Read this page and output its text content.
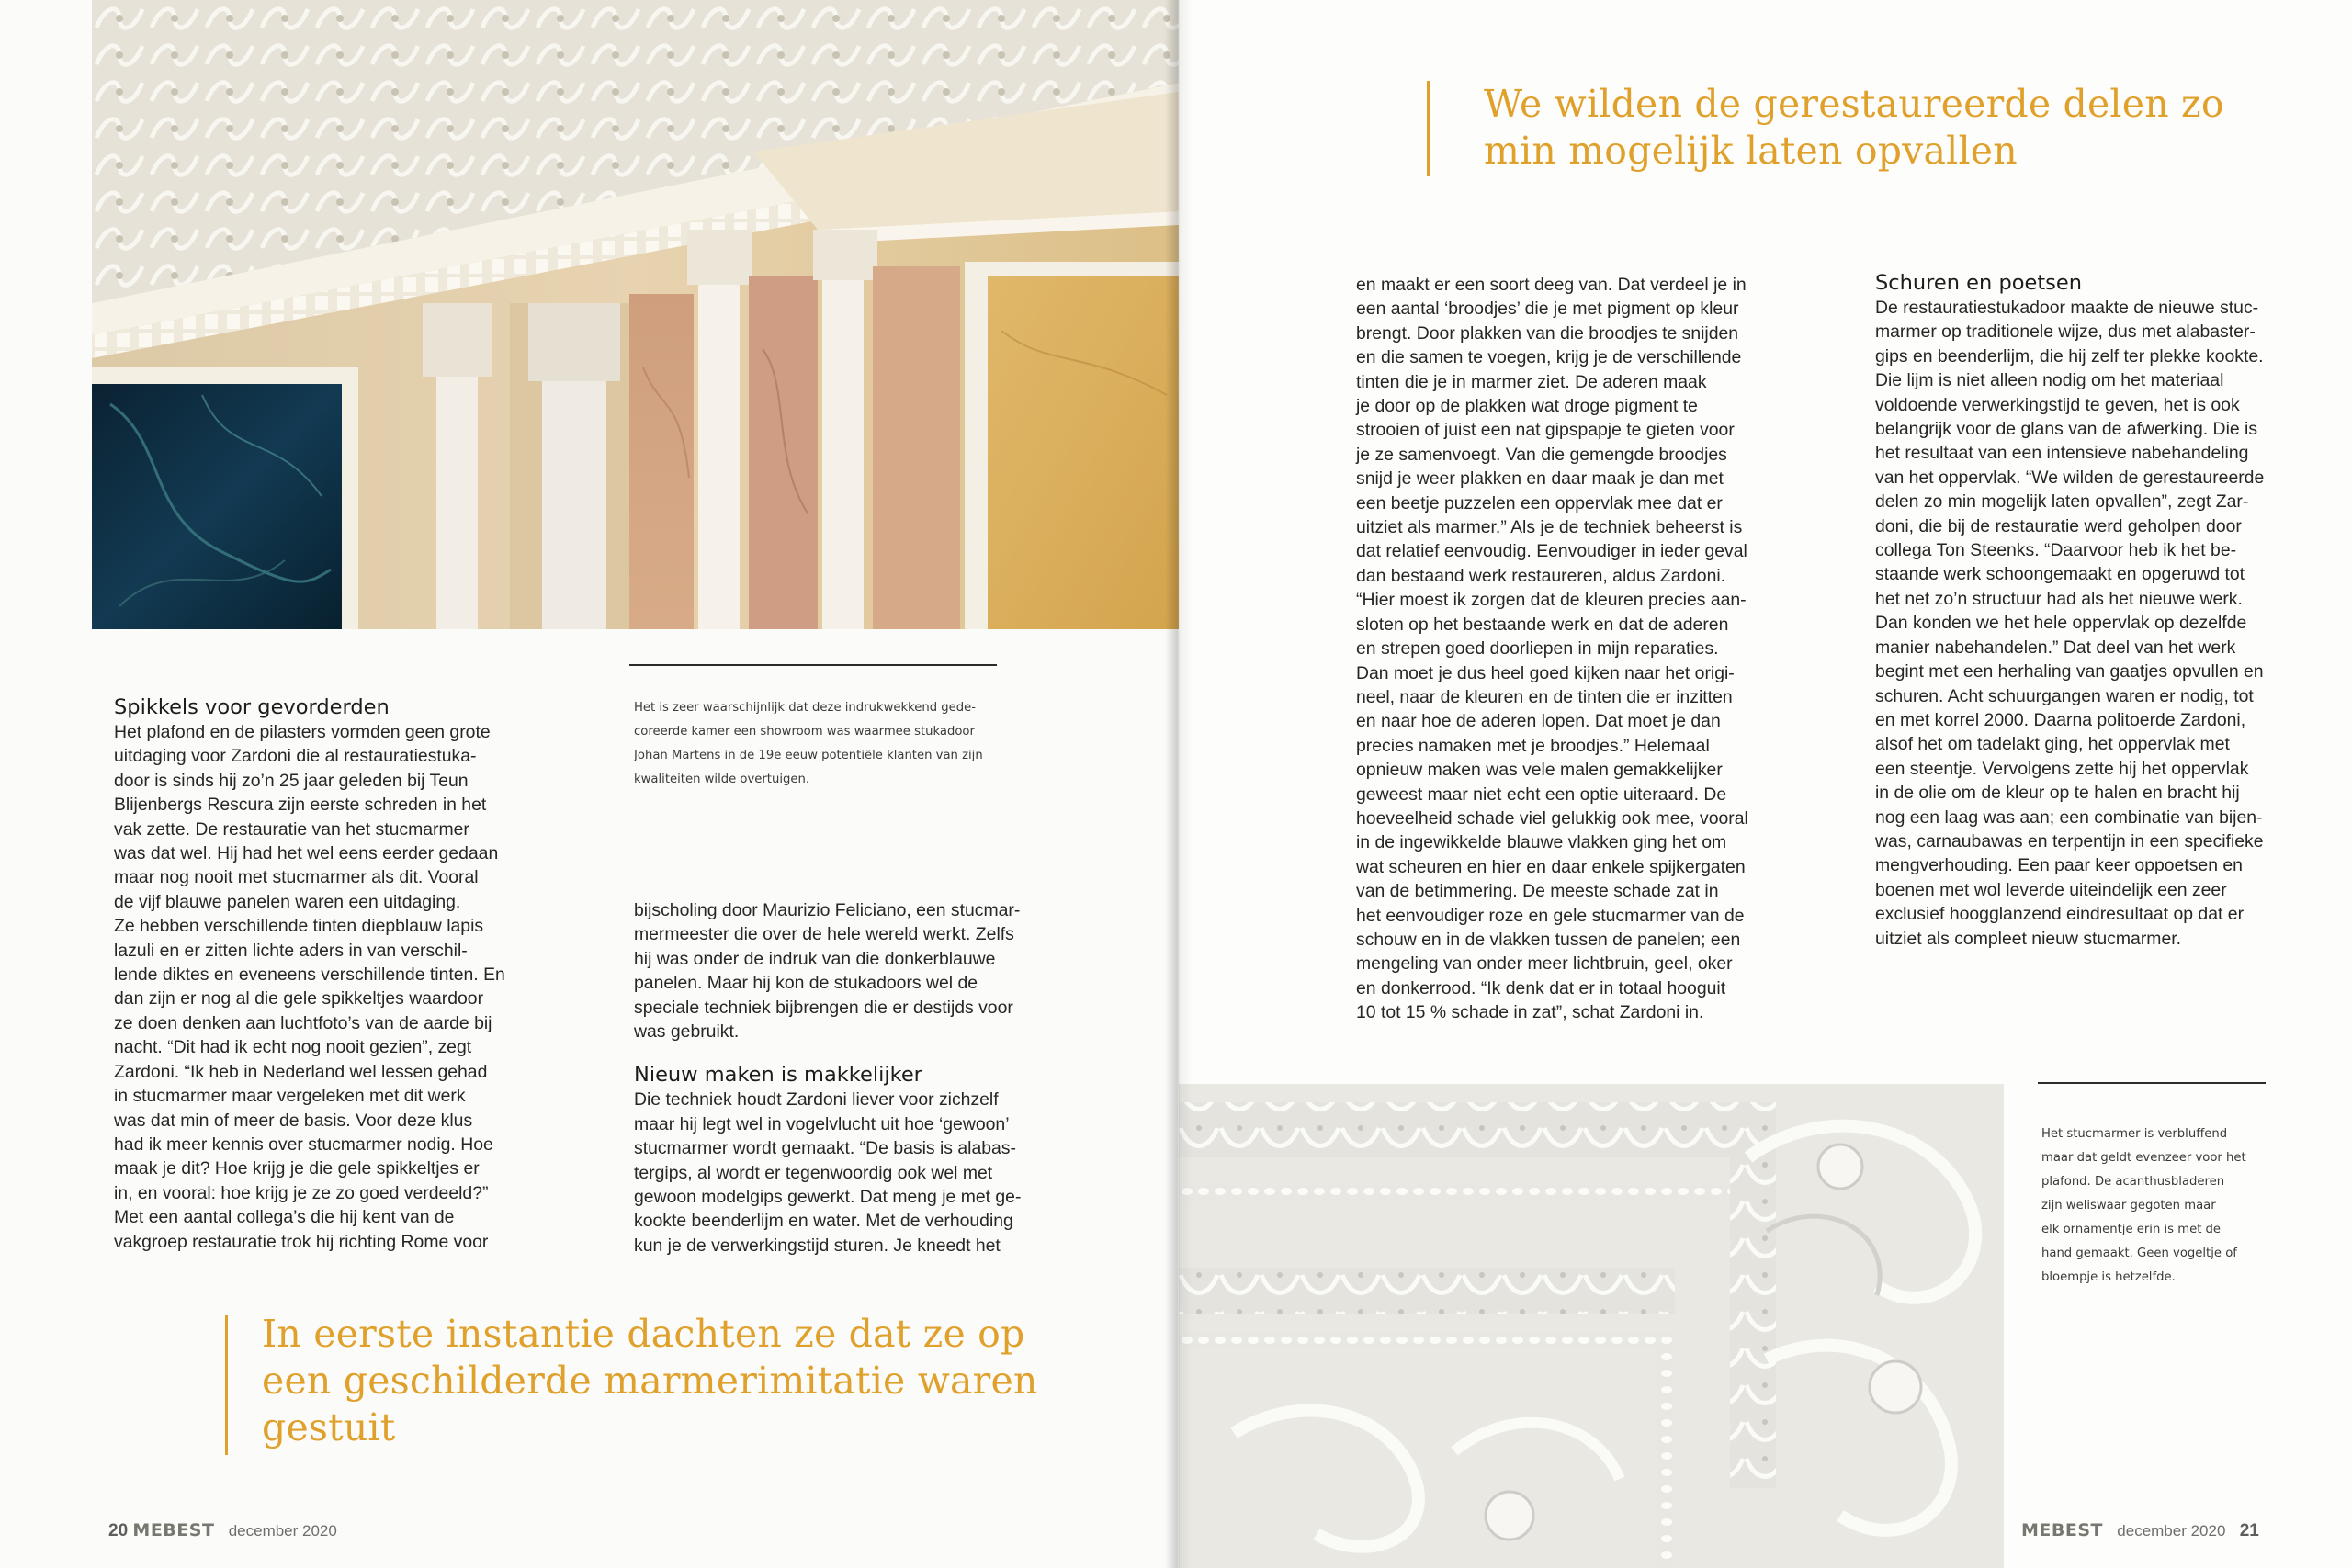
Spikkels voor gevorderden

Het plafond en de pilasters vormden geen grote
uitdaging voor Zardoni die al restauratiestuka-
door is sinds hij zo’n 25 jaar geleden bij Teun
Blijenbergs Rescura zijn eerste schreden in het
vak zette. De restauratie van het stucmarmer
was dat wel. Hij had het wel eens eerder gedaan
maar nog nooit met stucmarmer als dit. Vooral
de vijf blauwe panelen waren een uitdaging.
Ze hebben verschillende tinten diepblauw lapis
lazuli en er zitten lichte aders in van verschil-
lende diktes en eveneens verschillende tinten. En
dan zijn er nog al die gele spikkeltjes waardoor
ze doen denken aan luchtfoto’s van de aarde bij
nacht. “Dit had ik echt nog nooit gezien”, zegt
Zardoni. “Ik heb in Nederland wel lessen gehad
in stucmarmer maar vergeleken met dit werk
was dat min of meer de basis. Voor deze klus
had ik meer kennis over stucmarmer nodig. Hoe
maak je dit? Hoe krijg je die gele spikkeltjes er
in, en vooral: hoe krijg je ze zo goed verdeeld?”
Met een aantal collega’s die hij kent van de
vakgroep restauratie trok hij richting Rome voor

Het is zeer waarschijnlijk dat deze indrukwekkend gede-
coreerde kamer een showroom was waarmee stukadoor
Johan Martens in de 19e eeuw potentiële klanten van zijn
kwaliteiten wilde overtuigen.

bijscholing door Maurizio Feliciano, een stucmar-
mermeester die over de hele wereld werkt. Zelfs
hij was onder de indruk van die donkerblauwe
panelen. Maar hij kon de stukadoors wel de
speciale techniek bijbrengen die er destijds voor
was gebruikt.

Nieuw maken is makkelijker

Die techniek houdt Zardoni liever voor zichzelf
maar hij legt wel in vogelvlucht uit hoe ‘gewoon’
stucmarmer wordt gemaakt. “De basis is alabas-
tergips, al wordt er tegenwoordig ook wel met
gewoon modelgips gewerkt. Dat meng je met ge-
kookte beenderlijm en water. Met de verhouding
kun je de verwerkingstijd sturen. Je kneedt het

In eerste instantie dachten ze dat ze op
een geschilderde marmerimitatie waren
gestuit
20 MEBEST december 2020
We wilden de gerestaureerde delen zo
min mogelijk laten opvallen

en maakt er een soort deeg van. Dat verdeel je in
een aantal ‘broodjes’ die je met pigment op kleur
brengt. Door plakken van die broodjes te snijden
en die samen te voegen, krijg je de verschillende
tinten die je in marmer ziet. De aderen maak
je door op de plakken wat droge pigment te
strooien of juist een nat gipspapje te gieten voor
je ze samenvoegt. Van die gemengde broodjes
snijd je weer plakken en daar maak je dan met
een beetje puzzelen een oppervlak mee dat er
uitziet als marmer.” Als je de techniek beheerst is
dat relatief eenvoudig. Eenvoudiger in ieder geval
dan bestaand werk restaureren, aldus Zardoni.
“Hier moest ik zorgen dat de kleuren precies aan-
sloten op het bestaande werk en dat de aderen
en strepen goed doorliepen in mijn reparaties.
Dan moet je dus heel goed kijken naar het origi-
neel, naar de kleuren en de tinten die er inzitten
en naar hoe de aderen lopen. Dat moet je dan
precies namaken met je broodjes.” Helemaal
opnieuw maken was vele malen gemakkelijker
geweest maar niet echt een optie uiteraard. De
hoeveelheid schade viel gelukkig ook mee, vooral
in de ingewikkelde blauwe vlakken ging het om
wat scheuren en hier en daar enkele spijkergaten
van de betimmering. De meeste schade zat in
het eenvoudiger roze en gele stucmarmer van de
schouw en in de vlakken tussen de panelen; een
mengeling van onder meer lichtbruin, geel, oker
en donkerrood. “Ik denk dat er in totaal hooguit
10 tot 15 % schade in zat”, schat Zardoni in.

Schuren en poetsen

De restauratiestukadoor maakte de nieuwe stuc-
marmer op traditionele wijze, dus met alabaster-
gips en beenderlijm, die hij zelf ter plekke kookte.
Die lijm is niet alleen nodig om het materiaal
voldoende verwerkingstijd te geven, het is ook
belangrijk voor de glans van de afwerking. Die is
het resultaat van een intensieve nabehandeling
van het oppervlak. “We wilden de gerestaureerde
delen zo min mogelijk laten opvallen”, zegt Zar-
doni, die bij de restauratie werd geholpen door
collega Ton Steenks. “Daarvoor heb ik het be-
staande werk schoongemaakt en opgeruwd tot
het net zo’n structuur had als het nieuwe werk.
Dan konden we het hele oppervlak op dezelfde
manier nabehandelen.” Dat deel van het werk
begint met een herhaling van gaatjes opvullen en
schuren. Acht schuurgangen waren er nodig, tot
en met korrel 2000. Daarna politoerde Zardoni,
alsof het om tadelakt ging, het oppervlak met
een steentje. Vervolgens zette hij het oppervlak
in de olie om de kleur op te halen en bracht hij
nog een laag was aan; een combinatie van bijen-
was, carnaubawas en terpentijn in een specifieke
mengverhouding. Een paar keer oppoetsen en
boenen met wol leverde uiteindelijk een zeer
exclusief hoogglanzend eindresultaat op dat er
uitziet als compleet nieuw stucmarmer.

Het stucmarmer is verbluffend
maar dat geldt evenzeer voor het
plafond. De acanthusbladeren
zijn weliswaar gegoten maar
elk ornamentje erin is met de
hand gemaakt. Geen vogeltje of
bloempje is hetzelfde.
MEBEST december 2020 21
